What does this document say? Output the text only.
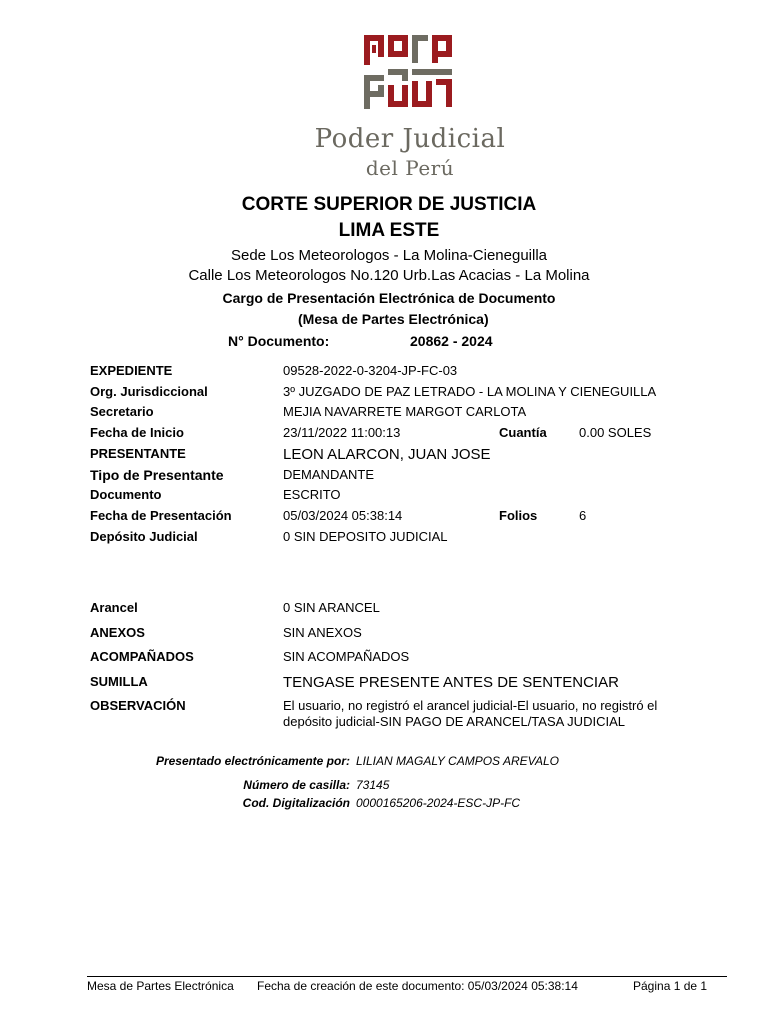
Poder Judicial
del Perú
CORTE SUPERIOR DE JUSTICIA
LIMA ESTE
Sede Los Meteorologos - La Molina-Cieneguilla
Calle Los Meteorologos No.120 Urb.Las Acacias - La Molina
Cargo de Presentación Electrónica de Documento
(Mesa de Partes Electrónica)
N° Documento:	20862 - 2024
EXPEDIENTE	09528-2022-0-3204-JP-FC-03
Org. Jurisdiccional	3º JUZGADO DE PAZ LETRADO - LA MOLINA Y CIENEGUILLA
Secretario	MEJIA NAVARRETE MARGOT CARLOTA
Fecha de Inicio	23/11/2022 11:00:13	Cuantía 0.00 SOLES
PRESENTANTE	LEON ALARCON, JUAN JOSE
Tipo de Presentante	DEMANDANTE
Documento	ESCRITO
Fecha de Presentación	05/03/2024 05:38:14	Folios	6
Depósito Judicial	0 SIN DEPOSITO JUDICIAL
Arancel	0 SIN ARANCEL
ANEXOS	SIN ANEXOS
ACOMPAÑADOS	SIN ACOMPAÑADOS
SUMILLA	TENGASE PRESENTE ANTES DE SENTENCIAR
OBSERVACIÓN	El usuario, no registró el arancel judicial-El usuario, no registró el
depósito judicial-SIN PAGO DE ARANCEL/TASA JUDICIAL
Presentado electrónicamente por: LILIAN MAGALY CAMPOS AREVALO
Número de casilla: 73145
Cod. Digitalización 0000165206-2024-ESC-JP-FC
Mesa de Partes Electrónica Fecha de creación de este documento: 05/03/2024 05:38:14	Página 1 de 1
